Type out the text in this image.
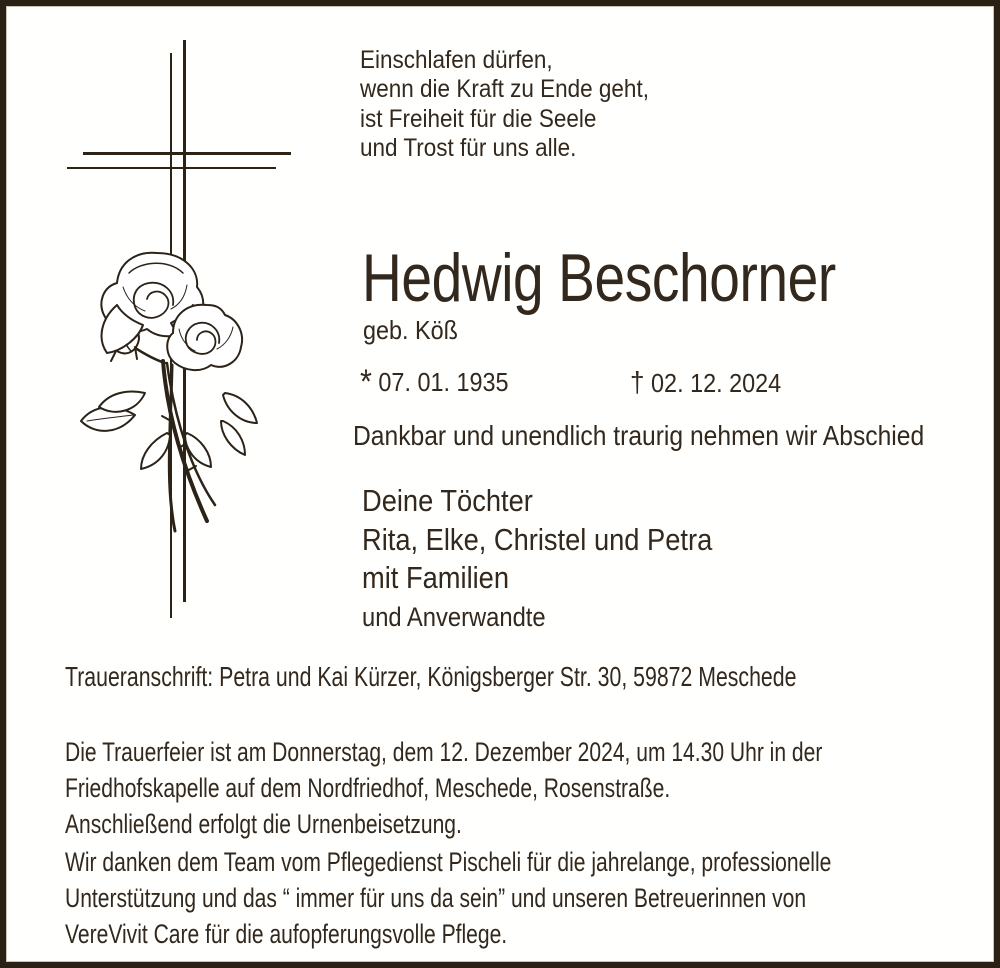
Einschlafen dürfen,
wenn die Kraft zu Ende geht,
ist Freiheit für die Seele
und Trost für uns alle.
Hedwig Beschorner
geb. Köß
* 07. 01. 1935	† 02. 12. 2024
Dankbar und unendlich traurig nehmen wir Abschied
Deine Töchter
Rita, Elke, Christel und Petra
mit Familien
und Anverwandte
Traueranschrift: Petra und Kai Kürzer, Königsberger Str. 30, 59872 Meschede
Die Trauerfeier ist am Donnerstag, dem 12. Dezember 2024, um 14.30 Uhr in der
Friedhofskapelle auf dem Nordfriedhof, Meschede, Rosenstraße.
Anschließend erfolgt die Urnenbeisetzung.
Wir danken dem Team vom Pflegedienst Pischeli für die jahrelange, professionelle
Unterstützung und das “ immer für uns da sein” und unseren Betreuerinnen von
VereVivit Care für die aufopferungsvolle Pflege.
